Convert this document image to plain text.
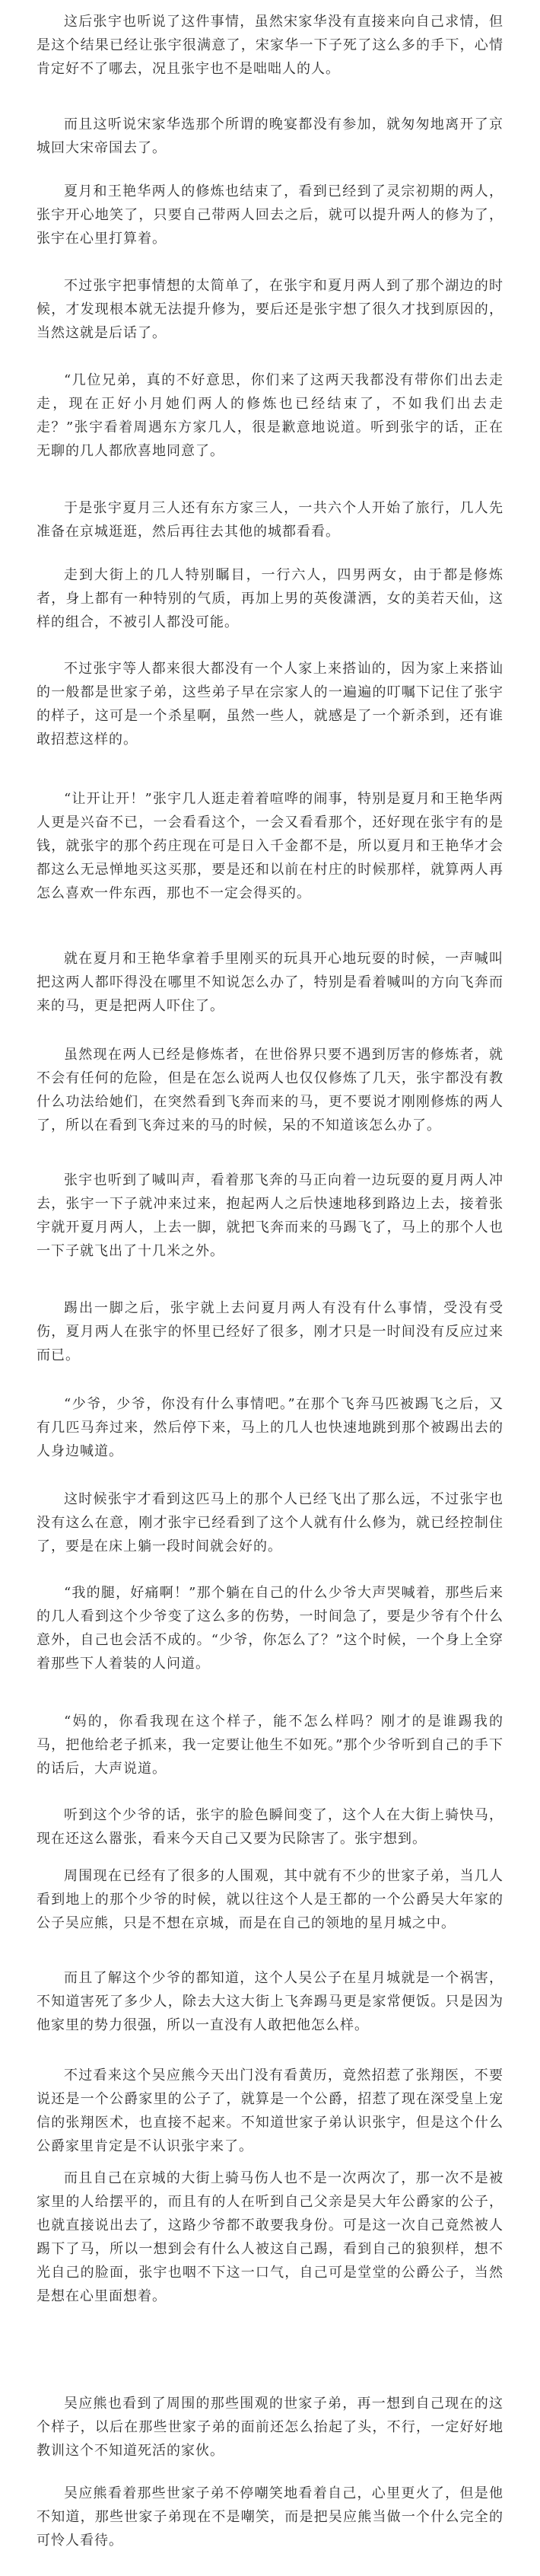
这后张宇也听说了这件事情，虽然宋家华没有直接来向自己求情，但是这个结果已经让张宇很满意了，宋家华一下子死了这么多的手下，心情肯定好不了哪去，况且张宇也不是咄咄人的人。

而且这听说宋家华选那个所谓的晚宴都没有参加，就匆匆地离开了京城回大宋帝国去了。

夏月和王艳华两人的修炼也结束了，看到已经到了灵宗初期的两人，张宇开心地笑了，只要自己带两人回去之后，就可以提升两人的修为了，张宇在心里打算着。

不过张宇把事情想的太简单了，在张宇和夏月两人到了那个湖边的时候，才发现根本就无法提升修为，要后还是张宇想了很久才找到原因的，当然这就是后话了。

“几位兄弟，真的不好意思，你们来了这两天我都没有带你们出去走走，现在正好小月她们两人的修炼也已经结束了，不如我们出去走走？”张宇看着周遇东方家几人，很是歉意地说道。听到张宇的话，正在无聊的几人都欣喜地同意了。

于是张宇夏月三人还有东方家三人，一共六个人开始了旅行，几人先准备在京城逛逛，然后再往去其他的城都看看。

走到大街上的几人特别瞩目，一行六人，四男两女，由于都是修炼者，身上都有一种特别的气质，再加上男的英俊潇洒，女的美若天仙，这样的组合，不被引人都没可能。

不过张宇等人都来很大都没有一个人家上来搭讪的，因为家上来搭讪的一般都是世家子弟，这些弟子早在宗家人的一遍遍的叮嘱下记住了张宇的样子，这可是一个杀星啊，虽然一些人，就感是了一个新杀到，还有谁敢招惹这样的。

“让开让开！”张宇几人逛走着着喧哗的闹事，特别是夏月和王艳华两人更是兴奋不已，一会看看这个，一会又看看那个，还好现在张宇有的是钱，就张宇的那个药庄现在可是日入千金都不是，所以夏月和王艳华才会都这么无忌惮地买这买那，要是还和以前在村庄的时候那样，就算两人再怎么喜欢一件东西，那也不一定会得买的。

就在夏月和王艳华拿着手里刚买的玩具开心地玩耍的时候，一声喊叫把这两人都吓得没在哪里不知说怎么办了，特别是看着喊叫的方向飞奔而来的马，更是把两人吓住了。

虽然现在两人已经是修炼者，在世俗界只要不遇到厉害的修炼者，就不会有任何的危险，但是在怎么说两人也仅仅修炼了几天，张宇都没有教什么功法给她们，在突然看到飞奔而来的马，更不要说才刚刚修炼的两人了，所以在看到飞奔过来的马的时候，呆的不知道该怎么办了。

张宇也听到了喊叫声，看着那飞奔的马正向着一边玩耍的夏月两人冲去，张宇一下子就冲来过来，抱起两人之后快速地移到路边上去，接着张宇就开夏月两人，上去一脚，就把飞奔而来的马踢飞了，马上的那个人也一下子就飞出了十几米之外。

踢出一脚之后，张宇就上去问夏月两人有没有什么事情，受没有受伤，夏月两人在张宇的怀里已经好了很多，刚才只是一时间没有反应过来而已。

“少爷，少爷，你没有什么事情吧。”在那个飞奔马匹被踢飞之后，又有几匹马奔过来，然后停下来，马上的几人也快速地跳到那个被踢出去的人身边喊道。

这时候张宇才看到这匹马上的那个人已经飞出了那么远，不过张宇也没有这么在意，刚才张宇已经看到了这个人就有什么修为，就已经控制住了，要是在床上躺一段时间就会好的。

“我的腿，好痛啊！”那个躺在自己的什么少爷大声哭喊着，那些后来的几人看到这个少爷变了这么多的伤势，一时间急了，要是少爷有个什么意外，自己也会活不成的。“少爷，你怎么了？”这个时候，一个身上全穿着那些下人着装的人问道。

“妈的，你看我现在这个样子，能不怎么样吗？刚才的是谁踢我的马，把他给老子抓来，我一定要让他生不如死。”那个少爷听到自己的手下的话后，大声说道。

听到这个少爷的话，张宇的脸色瞬间变了，这个人在大街上骑快马，现在还这么嚣张，看来今天自己又要为民除害了。张宇想到。

周围现在已经有了很多的人围观，其中就有不少的世家子弟，当几人看到地上的那个少爷的时候，就以往这个人是王都的一个公爵吴大年家的公子吴应熊，只是不想在京城，而是在自己的领地的星月城之中。

而且了解这个少爷的都知道，这个人吴公子在星月城就是一个祸害，不知道害死了多少人，除去大这大街上飞奔踢马更是家常便饭。只是因为他家里的势力很强，所以一直没有人敢把他怎么样。

不过看来这个吴应熊今天出门没有看黄历，竟然招惹了张翔医，不要说还是一个公爵家里的公子了，就算是一个公爵，招惹了现在深受皇上宠信的张翔医术，也直接不起来。不知道世家子弟认识张宇，但是这个什么公爵家里肯定是不认识张宇来了。

而且自己在京城的大街上骑马伤人也不是一次两次了，那一次不是被家里的人给摆平的，而且有的人在听到自己父亲是吴大年公爵家的公子，也就直接说出去了，这路少爷都不敢要我身份。可是这一次自己竟然被人踢下了马，所以一想到会有什么人被这自己踢，看到自己的狼狈样，想不光自己的脸面，张宇也咽不下这一口气，自己可是堂堂的公爵公子，当然是想在心里面想着。

吴应熊也看到了周围的那些围观的世家子弟，再一想到自己现在的这个样子，以后在那些世家子弟的面前还怎么抬起了头，不行，一定好好地教训这个不知道死活的家伙。

吴应熊看着那些世家子弟不停嘲笑地看着自己，心里更火了，但是他不知道，那些世家子弟现在不是嘲笑，而是把吴应熊当做一个什么完全的可怜人看待。
